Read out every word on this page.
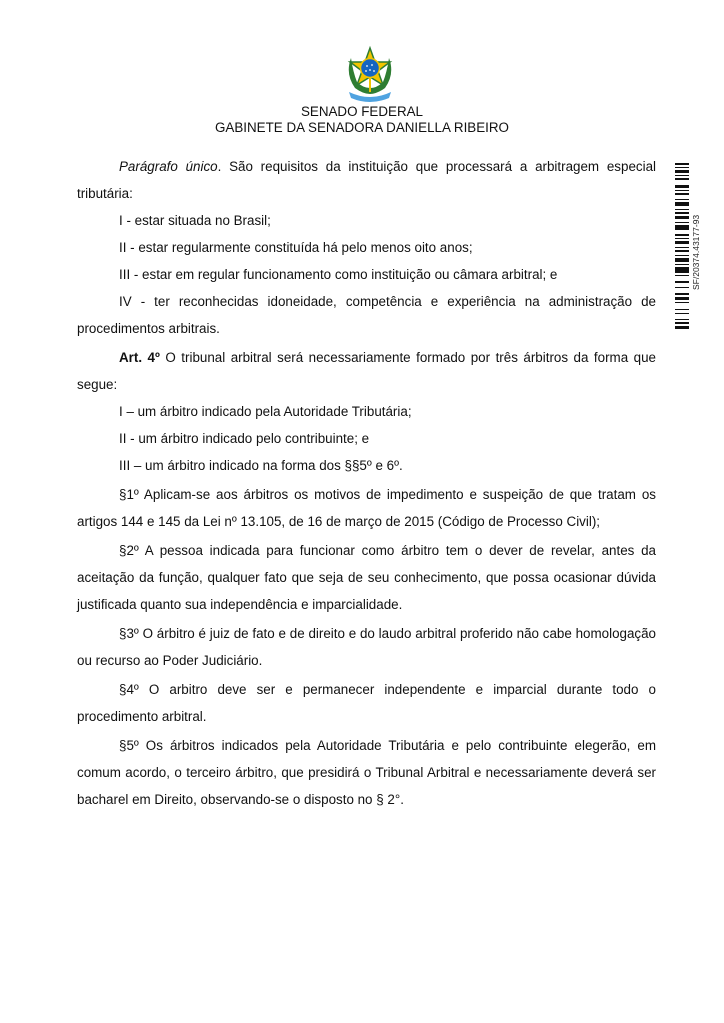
SENADO FEDERAL
GABINETE DA SENADORA DANIELLA RIBEIRO
SF/20374.43177-93

Parágrafo único. São requisitos da instituição que processará a arbitragem especial tributária:

I - estar situada no Brasil;

II - estar regularmente constituída há pelo menos oito anos;

III - estar em regular funcionamento como instituição ou câmara arbitral; e

IV - ter reconhecidas idoneidade, competência e experiência na administração de procedimentos arbitrais.

Art. 4º O tribunal arbitral será necessariamente formado por três árbitros da forma que segue:

I – um árbitro indicado pela Autoridade Tributária;

II - um árbitro indicado pelo contribuinte; e

III – um árbitro indicado na forma dos §§5º e 6º.

§1º Aplicam-se aos árbitros os motivos de impedimento e suspeição de que tratam os artigos 144 e 145 da Lei nº 13.105, de 16 de março de 2015 (Código de Processo Civil);

§2º A pessoa indicada para funcionar como árbitro tem o dever de revelar, antes da aceitação da função, qualquer fato que seja de seu conhecimento, que possa ocasionar dúvida justificada quanto sua independência e imparcialidade.

§3º O árbitro é juiz de fato e de direito e do laudo arbitral proferido não cabe homologação ou recurso ao Poder Judiciário.

§4º O arbitro deve ser e permanecer independente e imparcial durante todo o procedimento arbitral.

§5º Os árbitros indicados pela Autoridade Tributária e pelo contribuinte elegerão, em comum acordo, o terceiro árbitro, que presidirá o Tribunal Arbitral e necessariamente deverá ser bacharel em Direito, observando-se o disposto no § 2°.
